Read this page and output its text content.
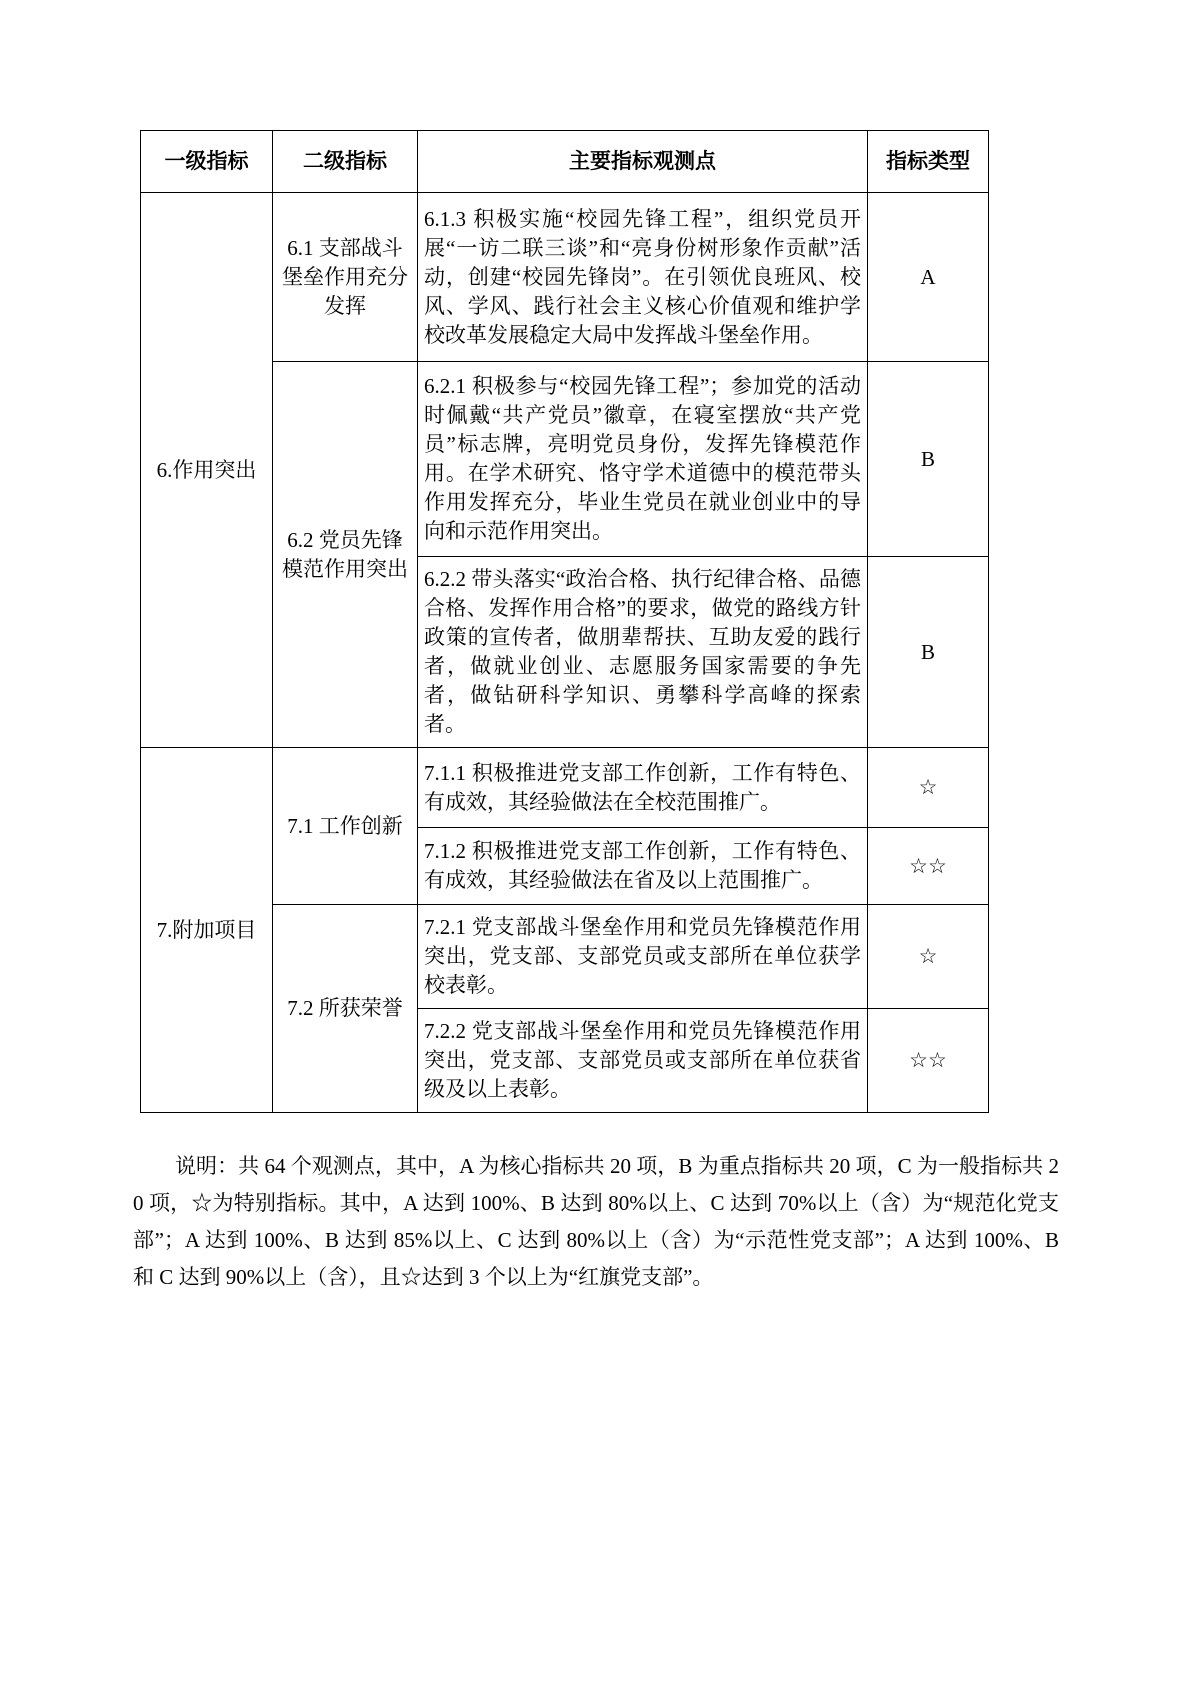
一级指标	二级指标	主要指标观测点	指标类型
6.作用突出	6.1 支部战斗堡垒作用充分发挥	6.1.3 积极实施“校园先锋工程”，组织党员开展“一访二联三谈”和“亮身份树形象作贡献”活动，创建“校园先锋岗”。在引领优良班风、校风、学风、践行社会主义核心价值观和维护学校改革发展稳定大局中发挥战斗堡垒作用。	A
	6.2 党员先锋模范作用突出	6.2.1 积极参与“校园先锋工程”；参加党的活动时佩戴“共产党员”徽章，在寝室摆放“共产党员”标志牌，亮明党员身份，发挥先锋模范作用。在学术研究、恪守学术道德中的模范带头作用发挥充分，毕业生党员在就业创业中的导向和示范作用突出。	B
		6.2.2 带头落实“政治合格、执行纪律合格、品德合格、发挥作用合格”的要求，做党的路线方针政策的宣传者，做朋辈帮扶、互助友爱的践行者，做就业创业、志愿服务国家需要的争先者，做钻研科学知识、勇攀科学高峰的探索者。	B
7.附加项目	7.1 工作创新	7.1.1 积极推进党支部工作创新，工作有特色、有成效，其经验做法在全校范围推广。	☆
		7.1.2 积极推进党支部工作创新，工作有特色、有成效，其经验做法在省及以上范围推广。	☆☆
	7.2 所获荣誉	7.2.1 党支部战斗堡垒作用和党员先锋模范作用突出，党支部、支部党员或支部所在单位获学校表彰。	☆
		7.2.2 党支部战斗堡垒作用和党员先锋模范作用突出，党支部、支部党员或支部所在单位获省级及以上表彰。	☆☆
说明：共 64 个观测点，其中，A 为核心指标共 20 项，B 为重点指标共 20 项，C 为一般指标共 20 项，☆为特别指标。其中，A 达到 100%、B 达到 80%以上、C 达到 70%以上（含）为“规范化党支部”；A 达到 100%、B 达到 85%以上、C 达到 80%以上（含）为“示范性党支部”；A 达到 100%、B 和 C 达到 90%以上（含），且☆达到 3 个以上为“红旗党支部”。
